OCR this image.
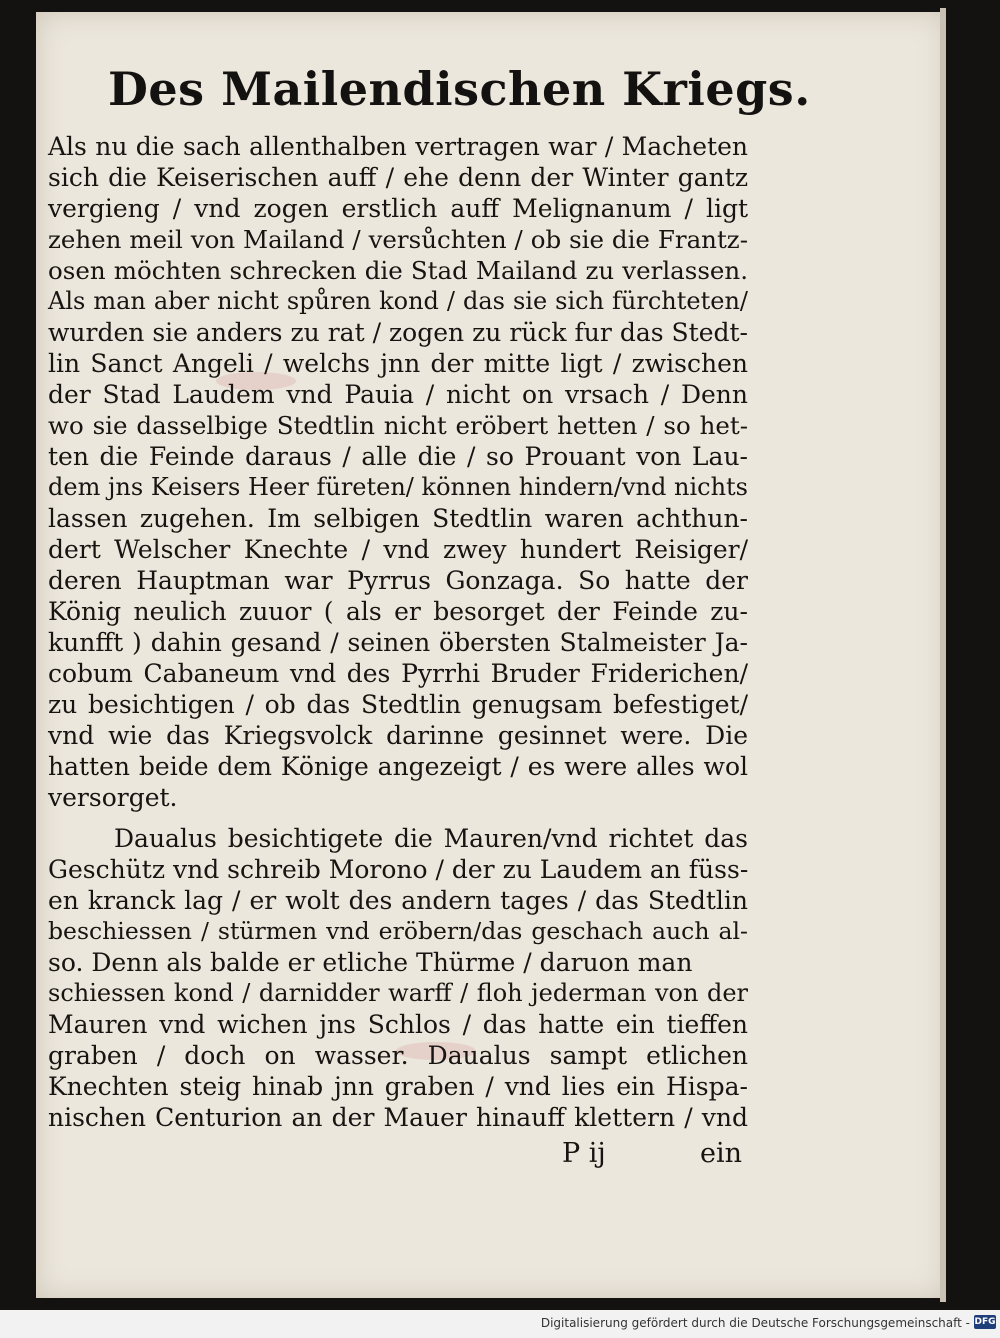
Des Mailendischen Kriegs.
Als nu die sach allenthalben vertragen war / Macheten
sich die Keiserischen auff / ehe denn der Winter gantz
vergieng / vnd zogen erstlich auff Melignanum / ligt
zehen meil von Mailand / versůchten / ob sie die Frantz-
osen möchten schrecken die Stad Mailand zu verlassen.
Als man aber nicht spůren kond / das sie sich fürchteten/
wurden sie anders zu rat / zogen zu rück fur das Stedt-
lin Sanct Angeli / welchs jnn der mitte ligt / zwischen
der Stad Laudem vnd Pauia / nicht on vrsach / Denn
wo sie dasselbige Stedtlin nicht eröbert hetten / so het-
ten die Feinde daraus / alle die / so Prouant von Lau-
dem jns Keisers Heer füreten/ können hindern/vnd nichts
lassen zugehen. Im selbigen Stedtlin waren achthun-
dert Welscher Knechte / vnd zwey hundert Reisiger/
deren Hauptman war Pyrrus Gonzaga. So hatte der
König neulich zuuor ( als er besorget der Feinde zu-
kunfft ) dahin gesand / seinen öbersten Stalmeister Ja-
cobum Cabaneum vnd des Pyrrhi Bruder Friderichen/
zu besichtigen / ob das Stedtlin genugsam befestiget/
vnd wie das Kriegsvolck darinne gesinnet were. Die
hatten beide dem Könige angezeigt / es were alles wol
versorget.
Daualus besichtigete die Mauren/vnd richtet das
Geschütz vnd schreib Morono / der zu Laudem an füss-
en kranck lag / er wolt des andern tages / das Stedtlin
beschiessen / stürmen vnd eröbern/das geschach auch al-
so. Denn als balde er etliche Thürme / daruon man
schiessen kond / darnidder warff / floh jederman von der
Mauren vnd wichen jns Schlos / das hatte ein tieffen
graben / doch on wasser. Daualus sampt etlichen
Knechten steig hinab jnn graben / vnd lies ein Hispa-
nischen Centurion an der Mauer hinauff klettern / vnd
P ij	ein
Digitalisierung gefördert durch die Deutsche Forschungsgemeinschaft - DFG
